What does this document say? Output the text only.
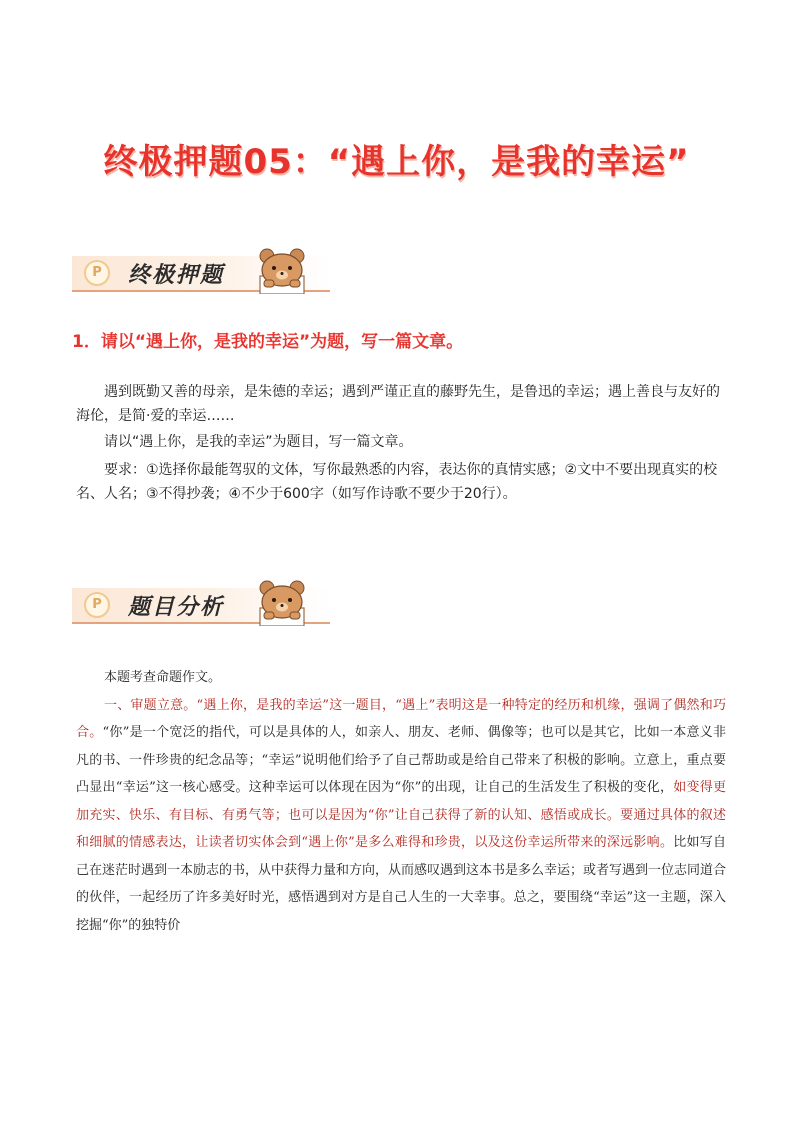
终极押题05：“遇上你，是我的幸运”
P	终极押题
1．请以“遇上你，是我的幸运”为题，写一篇文章。

遇到既勤又善的母亲，是朱德的幸运；遇到严谨正直的藤野先生，是鲁迅的幸运；遇上善良与友好的海伦，是简·爱的幸运……

请以“遇上你，是我的幸运”为题目，写一篇文章。

要求：①选择你最能驾驭的文体，写你最熟悉的内容，表达你的真情实感；②文中不要出现真实的校名、人名；③不得抄袭；④不少于600字（如写作诗歌不要少于20行）。

P	题目分析

本题考查命题作文。

一、审题立意。“遇上你，是我的幸运”这一题目，“遇上”表明这是一种特定的经历和机缘，强调了偶然和巧合。“你”是一个宽泛的指代，可以是具体的人，如亲人、朋友、老师、偶像等；也可以是其它，比如一本意义非凡的书、一件珍贵的纪念品等；“幸运”说明他们给予了自己帮助或是给自己带来了积极的影响。立意上，重点要凸显出“幸运”这一核心感受。这种幸运可以体现在因为“你”的出现，让自己的生活发生了积极的变化，如变得更加充实、快乐、有目标、有勇气等；也可以是因为“你”让自己获得了新的认知、感悟或成长。要通过具体的叙述和细腻的情感表达，让读者切实体会到“遇上你”是多么难得和珍贵，以及这份幸运所带来的深远影响。比如写自己在迷茫时遇到一本励志的书，从中获得力量和方向，从而感叹遇到这本书是多么幸运；或者写遇到一位志同道合的伙伴，一起经历了许多美好时光，感悟遇到对方是自己人生的一大幸事。总之，要围绕“幸运”这一主题，深入挖掘“你”的独特价
